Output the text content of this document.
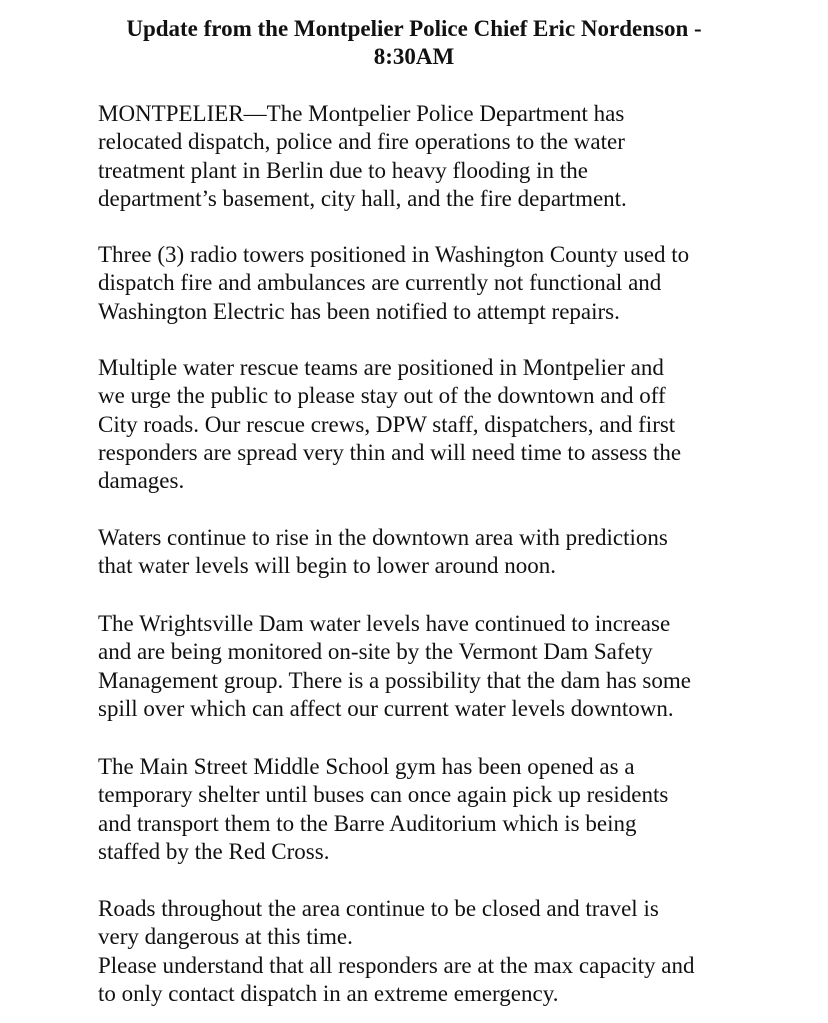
Update from the Montpelier Police Chief Eric Nordenson -
8:30AM
MONTPELIER—The Montpelier Police Department has
relocated dispatch, police and fire operations to the water
treatment plant in Berlin due to heavy flooding in the
department’s basement, city hall, and the fire department.
Three (3) radio towers positioned in Washington County used to
dispatch fire and ambulances are currently not functional and
Washington Electric has been notified to attempt repairs.
Multiple water rescue teams are positioned in Montpelier and
we urge the public to please stay out of the downtown and off
City roads. Our rescue crews, DPW staff, dispatchers, and first
responders are spread very thin and will need time to assess the
damages.
Waters continue to rise in the downtown area with predictions
that water levels will begin to lower around noon.
The Wrightsville Dam water levels have continued to increase
and are being monitored on-site by the Vermont Dam Safety
Management group. There is a possibility that the dam has some
spill over which can affect our current water levels downtown.
The Main Street Middle School gym has been opened as a
temporary shelter until buses can once again pick up residents
and transport them to the Barre Auditorium which is being
staffed by the Red Cross.
Roads throughout the area continue to be closed and travel is
very dangerous at this time.
Please understand that all responders are at the max capacity and
to only contact dispatch in an extreme emergency.
